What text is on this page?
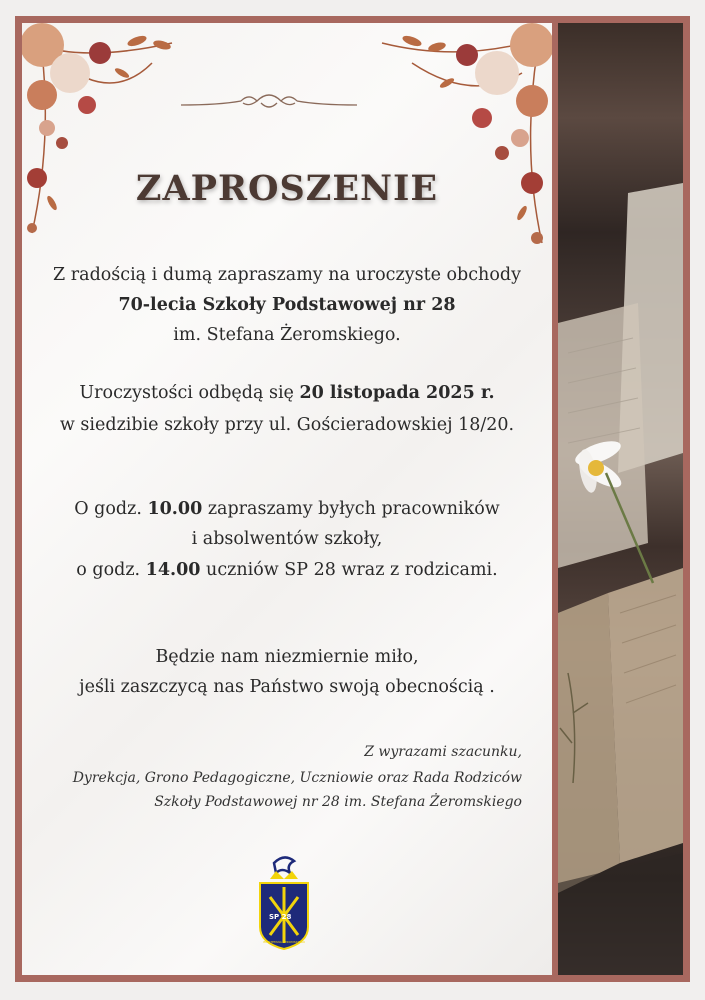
ZAPROSZENIE
Z radością i dumą zapraszamy na uroczyste obchody
70-lecia Szkoły Podstawowej nr 28
im. Stefana Żeromskiego.
Uroczystości odbędą się 20 listopada 2025 r.
w siedzibie szkoły przy ul. Gościeradowskiej 18/20.
O godz. 10.00 zapraszamy byłych pracowników
i absolwentów szkoły,
o godz. 14.00 uczniów SP 28 wraz z rodzicami.
Będzie nam niezmiernie miło,
jeśli zaszczycą nas Państwo swoją obecnością .
Z wyrazami szacunku,
Dyrekcja, Grono Pedagogiczne, Uczniowie oraz Rada Rodziców
Szkoły Podstawowej nr 28 im. Stefana Żeromskiego
SP 28
IM. STEFANA ŻEROMSKIEGO
